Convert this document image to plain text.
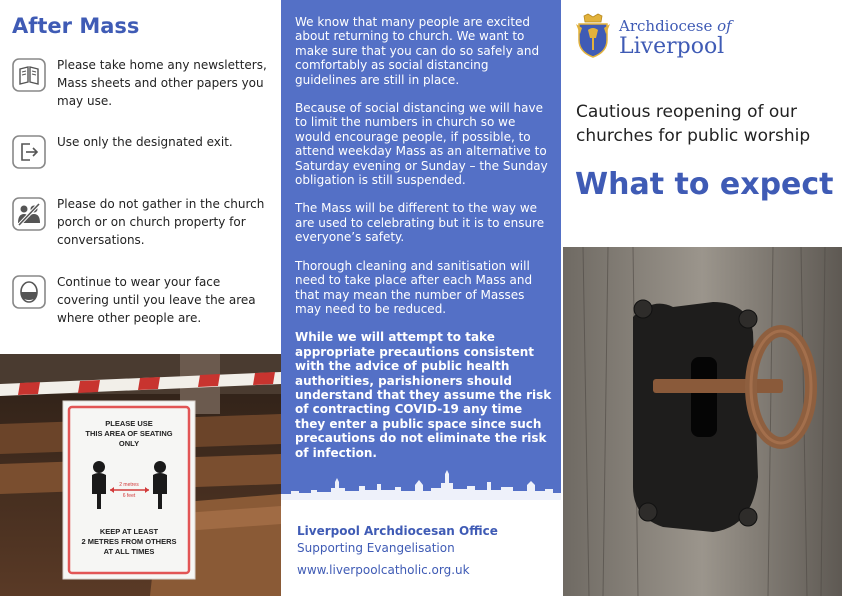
After Mass
Please take home any newsletters, Mass sheets and other papers you may use.
Use only the designated exit.
Please do not gather in the church porch or on church property for conversations.
Continue to wear your face covering until you leave the area where other people are.
PLEASE USE
THIS AREA OF SEATING
ONLY
2 metres
6 feet
KEEP AT LEAST
2 METRES FROM OTHERS
AT ALL TIMES

We know that many people are excited about returning to church. We want to make sure that you can do so safely and comfortably as social distancing guidelines are still in place.

Because of social distancing we will have to limit the numbers in church so we would encourage people, if possible, to attend weekday Mass as an alternative to Saturday evening or Sunday – the Sunday obligation is still suspended.

The Mass will be different to the way we are used to celebrating but it is to ensure everyone’s safety.

Thorough cleaning and sanitisation will need to take place after each Mass and that may mean the number of Masses may need to be reduced.

While we will attempt to take appropriate precautions consistent with the advice of public health authorities, parishioners should understand that they assume the risk of contracting COVID-19 any time they enter a public space since such precautions do not eliminate the risk of infection.

Liverpool Archdiocesan Office
Supporting Evangelisation
www.liverpoolcatholic.org.uk
Archdiocese of
Liverpool
Cautious reopening of our churches for public worship
What to expect
